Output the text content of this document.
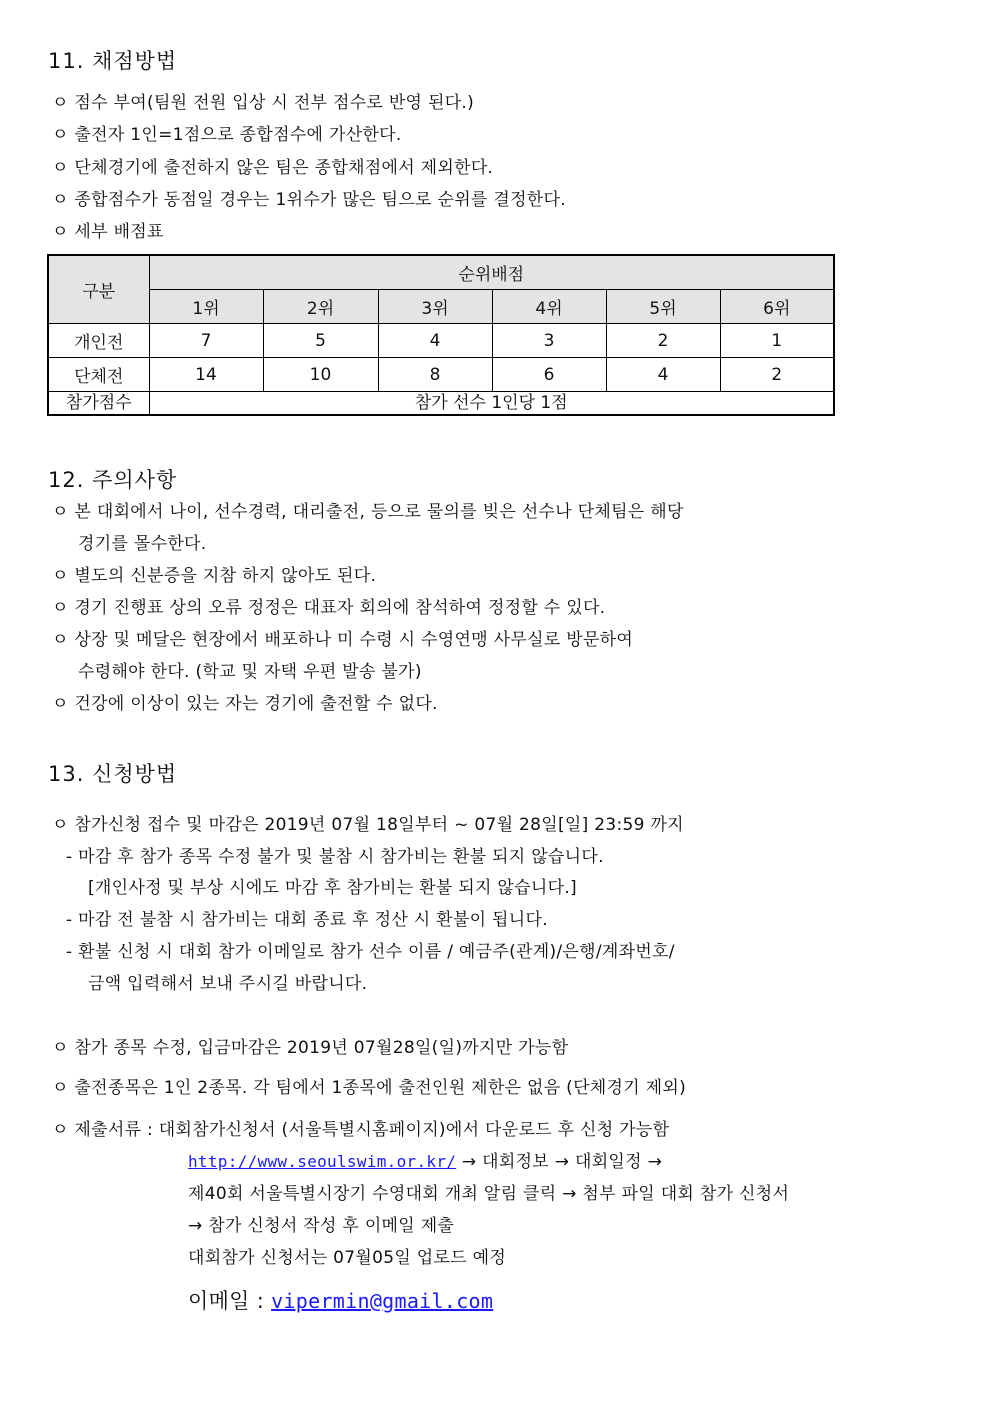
11. 채점방법
ㅇ 점수 부여(팀원 전원 입상 시 전부 점수로 반영 된다.)
ㅇ 출전자 1인=1점으로 종합점수에 가산한다.
ㅇ 단체경기에 출전하지 않은 팀은 종합채점에서 제외한다.
ㅇ 종합점수가 동점일 경우는 1위수가 많은 팀으로 순위를 결정한다.
ㅇ 세부 배점표
구분	순위배점					
	1위	2위	3위	4위	5위	6위
개인전	7	5	4	3	2	1
단체전	14	10	8	6	4	2
참가점수	참가 선수 1인당 1점					
12. 주의사항
ㅇ 본 대회에서 나이, 선수경력, 대리출전, 등으로 물의를 빚은 선수나 단체팀은 해당
경기를 몰수한다.
ㅇ 별도의 신분증을 지참 하지 않아도 된다.
ㅇ 경기 진행표 상의 오류 정정은 대표자 회의에 참석하여 정정할 수 있다.
ㅇ 상장 및 메달은 현장에서 배포하나 미 수령 시 수영연맹 사무실로 방문하여
수령해야 한다. (학교 및 자택 우편 발송 불가)
ㅇ 건강에 이상이 있는 자는 경기에 출전할 수 없다.
13. 신청방법
ㅇ 참가신청 접수 및 마감은 2019년 07월 18일부터 ~ 07월 28일[일] 23:59 까지
- 마감 후 참가 종목 수정 불가 및 불참 시 참가비는 환불 되지 않습니다.
[개인사정 및 부상 시에도 마감 후 참가비는 환불 되지 않습니다.]
- 마감 전 불참 시 참가비는 대회 종료 후 정산 시 환불이 됩니다.
- 환불 신청 시 대회 참가 이메일로 참가 선수 이름 / 예금주(관계)/은행/계좌번호/
금액 입력해서 보내 주시길 바랍니다.
ㅇ 참가 종목 수정, 입금마감은 2019년 07월28일(일)까지만 가능함
ㅇ 출전종목은 1인 2종목. 각 팀에서 1종목에 출전인원 제한은 없음 (단체경기 제외)
ㅇ 제출서류 : 대회참가신청서 (서울특별시홈페이지)에서 다운로드 후 신청 가능함
http://www.seoulswim.or.kr/ → 대회정보 → 대회일정 →
제40회 서울특별시장기 수영대회 개최 알림 클릭 → 첨부 파일 대회 참가 신청서
→ 참가 신청서 작성 후 이메일 제출
대회참가 신청서는 07월05일 업로드 예정
이메일 : vipermin@gmail.com
